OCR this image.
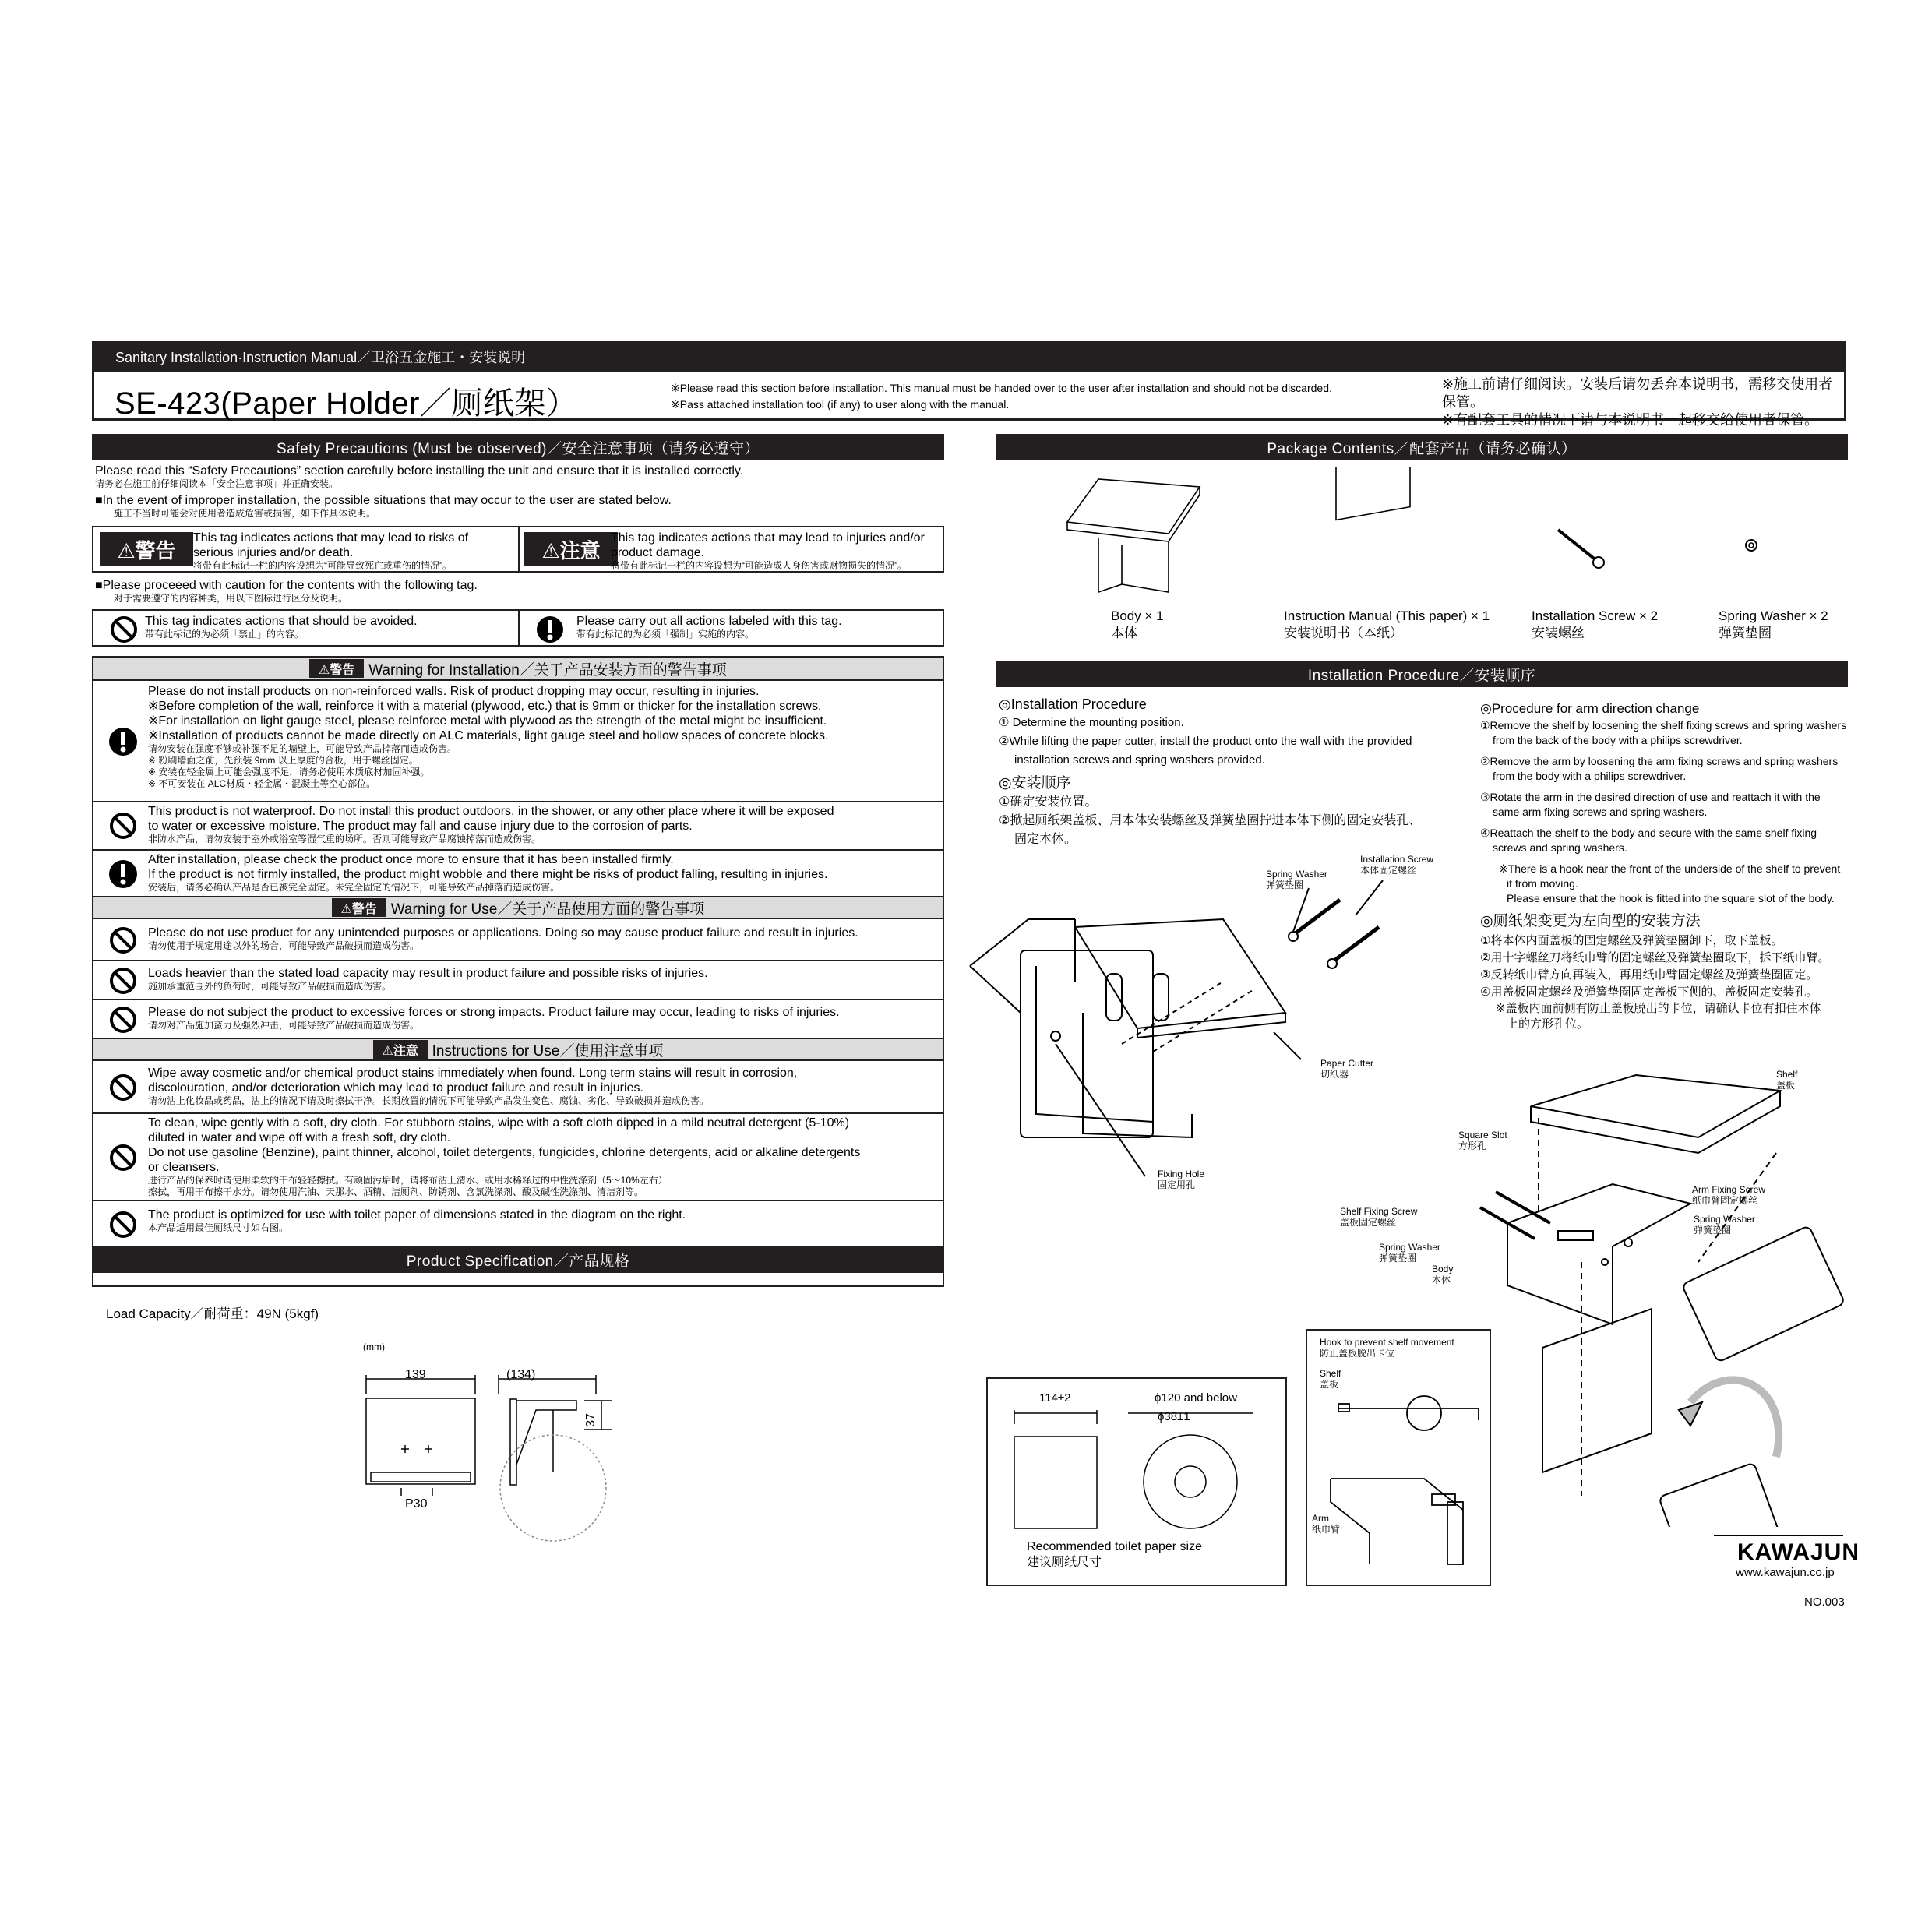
Sanitary Installation·Instruction Manual／卫浴五金施工・安装说明
SE-423(Paper Holder／厕纸架）	※Please read this section before installation. This manual must be handed over to the user after installation and should not be discarded.
※Pass attached installation tool (if any) to user along with the manual.
※施工前请仔细阅读。安装后请勿丢弃本说明书，需移交使用者保管。
※有配套工具的情况下请与本说明书一起移交给使用者保管。
Safety Precautions (Must be observed)／安全注意事项（请务必遵守）
Please read this “Safety Precautions” section carefully before installing the unit and ensure that it is installed correctly.
请务必在施工前仔细阅读本「安全注意事项」并正确安装。
■In the event of improper installation, the possible situations that may occur to the user are stated below.
施工不当时可能会对使用者造成危害或损害，如下作具体说明。
⚠警告
This tag indicates actions that may lead to risks of serious injuries and/or death.
将带有此标记一栏的内容设想为“可能导致死亡或重伤的情况”。
⚠注意
This tag indicates actions that may lead to injuries and/or product damage.
将带有此标记一栏的内容设想为“可能造成人身伤害或财物损失的情况”。
■Please proceeed with caution for the contents with the following tag.
对于需要遵守的内容种类，用以下图标进行区分及说明。
This tag indicates actions that should be avoided.
带有此标记的为必须「禁止」的内容。
Please carry out all actions labeled with this tag.
带有此标记的为必须「强制」实施的内容。
⚠警告 Warning for Installation／关于产品安装方面的警告事项
Please do not install products on non-reinforced walls. Risk of product dropping may occur, resulting in injuries.
※Before completion of the wall, reinforce it with a material (plywood, etc.) that is 9mm or thicker for the installation screws.
※For installation on light gauge steel, please reinforce metal with plywood as the strength of the metal might be insufficient.
※Installation of products cannot be made directly on ALC materials, light gauge steel and hollow spaces of concrete blocks.
请勿安装在强度不够或补强不足的墙壁上，可能导致产品掉落而造成伤害。
※ 粉刷墙面之前，先预装 9mm 以上厚度的合板，用于螺丝固定。
※ 安装在轻金属上可能会强度不足，请务必使用木质底材加固补强。
※ 不可安装在 ALC材质・轻金属・混凝土等空心部位。
This product is not waterproof. Do not install this product outdoors, in the shower, or any other place where it will be exposed
to water or excessive moisture. The product may fall and cause injury due to the corrosion of parts.
非防水产品，请勿安装于室外或浴室等湿气重的场所。否则可能导致产品腐蚀掉落而造成伤害。
After installation, please check the product once more to ensure that it has been installed firmly.
If the product is not firmly installed, the product might wobble and there might be risks of product falling, resulting in injuries.
安装后，请务必确认产品是否已被完全固定。未完全固定的情况下，可能导致产品掉落而造成伤害。
⚠警告 Warning for Use／关于产品使用方面的警告事项
Please do not use product for any unintended purposes or applications. Doing so may cause product failure and result in injuries.
请勿使用于规定用途以外的场合，可能导致产品破损而造成伤害。
Loads heavier than the stated load capacity may result in product failure and possible risks of injuries.
施加承重范围外的负荷时，可能导致产品破损而造成伤害。
Please do not subject the product to excessive forces or strong impacts. Product failure may occur, leading to risks of injuries.
请勿对产品施加蛮力及强烈冲击，可能导致产品破损而造成伤害。
⚠注意 Instructions for Use／使用注意事项
Wipe away cosmetic and/or chemical product stains immediately when found. Long term stains will result in corrosion,
discolouration, and/or deterioration which may lead to product failure and result in injuries.
请勿沾上化妆品或药品，沾上的情况下请及时擦拭干净。长期放置的情况下可能导致产品发生变色、腐蚀、劣化、导致破损并造成伤害。
To clean, wipe gently with a soft, dry cloth. For stubborn stains, wipe with a soft cloth dipped in a mild neutral detergent (5-10%)
diluted in water and wipe off with a fresh soft, dry cloth.
Do not use gasoline (Benzine), paint thinner, alcohol, toilet detergents, fungicides, chlorine detergents, acid or alkaline detergents
or cleansers.
进行产品的保养时请使用柔软的干布轻轻擦拭。有顽固污垢时，请将布沾上清水、或用水稀释过的中性洗涤剂（5～10%左右）
擦拭，再用干布擦干水分。请勿使用汽油、天那水、酒精、洁厕剂、防锈剂、含氯洗涤剂、酸及碱性洗涤剂、清洁剂等。
The product is optimized for use with toilet paper of dimensions stated in the diagram on the right.
本产品适用最佳厕纸尺寸如右图。
Product Specification／产品规格
Load Capacity／耐荷重：49N (5kgf)
(mm)
139	(134)
37
P30
Package Contents／配套产品（请务必确认）
Body × 1
本体
Instruction Manual (This paper) × 1
安装说明书（本纸）
Installation Screw × 2
安装螺丝
Spring Washer × 2
弹簧垫圈
Installation Procedure／安装顺序
◎Installation Procedure
① Determine the mounting position.
②While lifting the paper cutter, install the product onto the wall with the provided
installation screws and spring washers provided.
◎安装顺序
①确定安装位置。
②掀起厕纸架盖板、用本体安装螺丝及弹簧垫圈拧进本体下侧的固定安装孔、
固定本体。
Spring Washer
弹簧垫圈
Installation Screw
本体固定螺丝
Paper Cutter
切纸器
Fixing Hole
固定用孔
◎Procedure for arm direction change
①Remove the shelf by loosening the shelf fixing screws and spring washers
from the back of the body with a philips screwdriver.
②Remove the arm by loosening the arm fixing screws and spring washers
from the body with a philips screwdriver.
③Rotate the arm in the desired direction of use and reattach it with the
same arm fixing screws and spring washers.
④Reattach the shelf to the body and secure with the same shelf fixing
screws and spring washers.
※There is a hook near the front of the underside of the shelf to prevent
it from moving.
Please ensure that the hook is fitted into the square slot of the body.
◎厕纸架变更为左向型的安装方法
①将本体内面盖板的固定螺丝及弹簧垫圈卸下，取下盖板。
②用十字螺丝刀将纸巾臂的固定螺丝及弹簧垫圈取下，拆下纸巾臂。
③反转纸巾臂方向再装入，再用纸巾臂固定螺丝及弹簧垫圈固定。
④用盖板固定螺丝及弹簧垫圈固定盖板下侧的、盖板固定安装孔。
※盖板内面前侧有防止盖板脱出的卡位，请确认卡位有扣住本体
上的方形孔位。
Shelf
盖板
Square Slot
方形孔
Arm Fixing Screw
纸巾臂固定螺丝
Shelf Fixing Screw
盖板固定螺丝	Spring Washer
弹簧垫圈
Spring Washer
弹簧垫圈
Body
本体
114±2	ϕ120 and below
ϕ38±1
Recommended toilet paper size
建议厕纸尺寸
Hook to prevent shelf movement
防止盖板脱出卡位
Shelf
盖板
Arm
纸巾臂
KAWAJUN
www.kawajun.co.jp
NO.003
